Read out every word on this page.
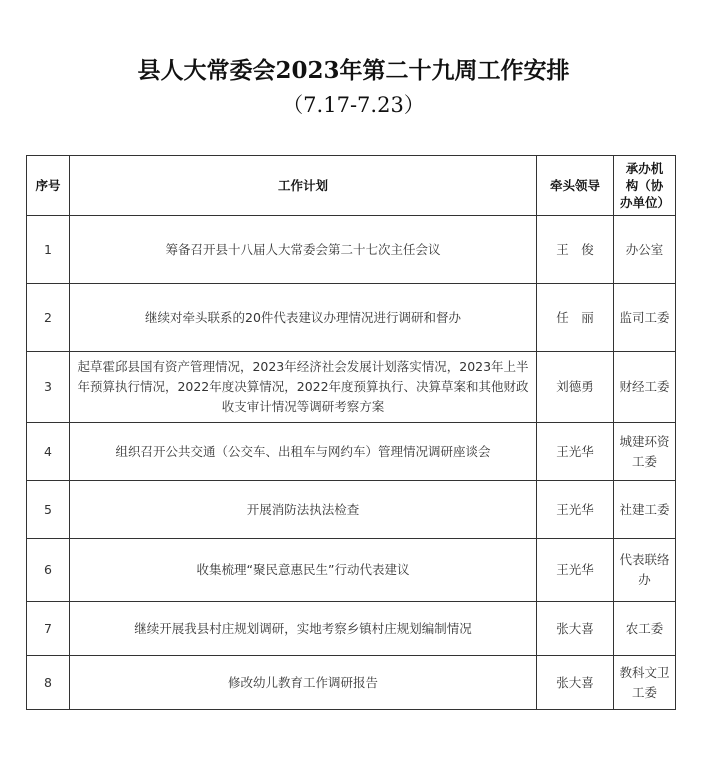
县人大常委会2023年第二十九周工作安排
（7.17-7.23）
序号	工作计划	牵头领导	承办机构（协办单位）
1	筹备召开县十八届人大常委会第二十七次主任会议	王　俊	办公室
2	继续对牵头联系的20件代表建议办理情况进行调研和督办	任　丽	监司工委
3	起草霍邱县国有资产管理情况，2023年经济社会发展计划落实情况，2023年上半年预算执行情况，2022年度决算情况，2022年度预算执行、决算草案和其他财政收支审计情况等调研考察方案	刘德勇	财经工委
4	组织召开公共交通（公交车、出租车与网约车）管理情况调研座谈会	王光华	城建环资工委
5	开展消防法执法检查	王光华	社建工委
6	收集梳理“聚民意惠民生”行动代表建议	王光华	代表联络办
7	继续开展我县村庄规划调研，实地考察乡镇村庄规划编制情况	张大喜	农工委
8	修改幼儿教育工作调研报告	张大喜	教科文卫工委
